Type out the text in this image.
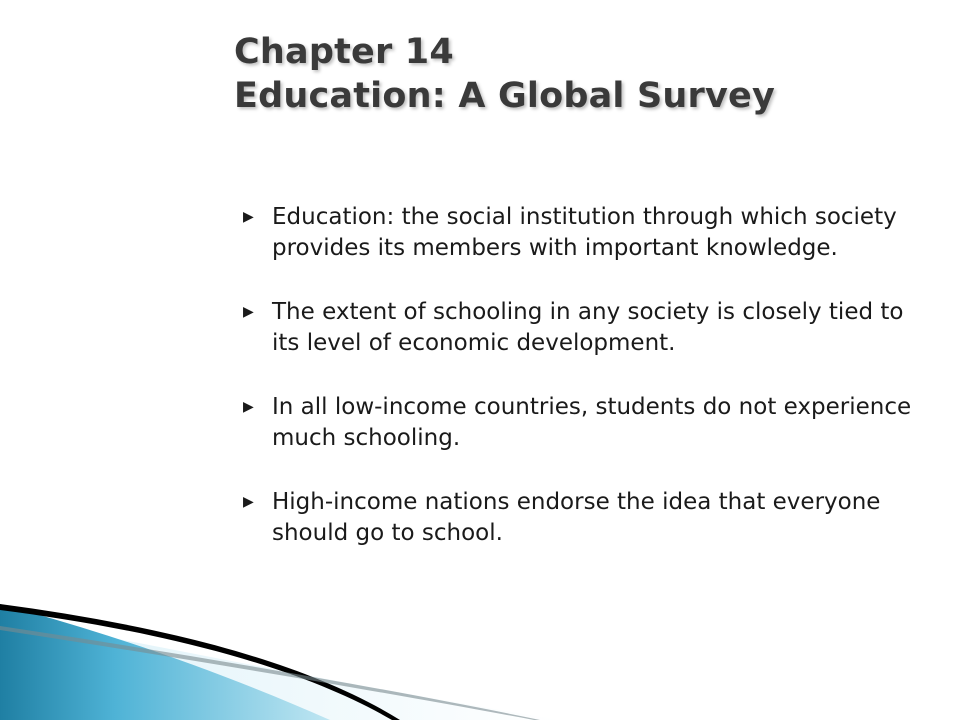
Chapter 14
Education: A Global Survey
▶ Education: the social institution through which society provides its members with important knowledge.
▶ The extent of schooling in any society is closely tied to its level of economic development.
▶ In all low-income countries, students do not experience much schooling.
▶ High-income nations endorse the idea that everyone should go to school.
